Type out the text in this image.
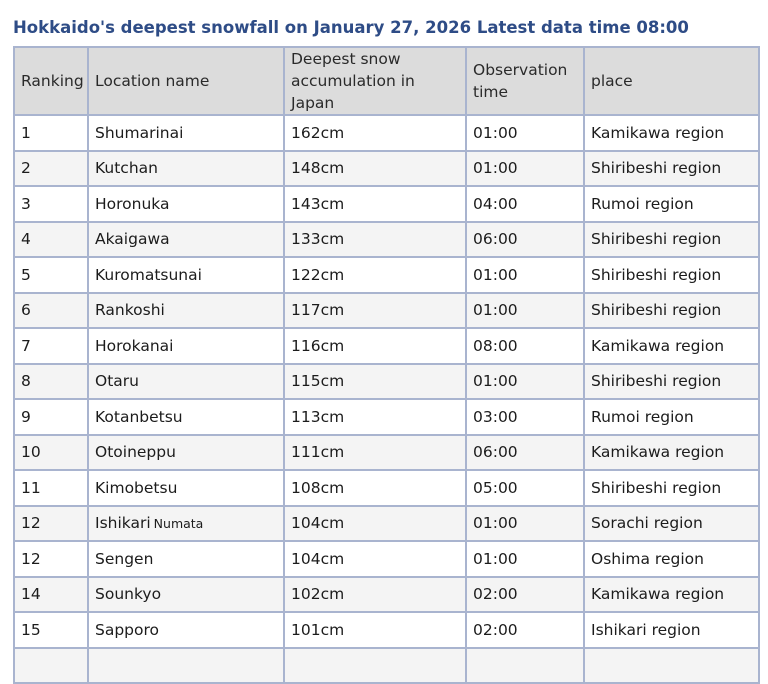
Hokkaido's deepest snowfall on January 27, 2026 Latest data time 08:00
Ranking	Location name	Deepest snow accumulation in Japan	Observation time	place
1	Shumarinai	162cm	01:00	Kamikawa region
2	Kutchan	148cm	01:00	Shiribeshi region
3	Horonuka	143cm	04:00	Rumoi region
4	Akaigawa	133cm	06:00	Shiribeshi region
5	Kuromatsunai	122cm	01:00	Shiribeshi region
6	Rankoshi	117cm	01:00	Shiribeshi region
7	Horokanai	116cm	08:00	Kamikawa region
8	Otaru	115cm	01:00	Shiribeshi region
9	Kotanbetsu	113cm	03:00	Rumoi region
10	Otoineppu	111cm	06:00	Kamikawa region
11	Kimobetsu	108cm	05:00	Shiribeshi region
12	Ishikari Numata	104cm	01:00	Sorachi region
12	Sengen	104cm	01:00	Oshima region
14	Sounkyo	102cm	02:00	Kamikawa region
15	Sapporo	101cm	02:00	Ishikari region
